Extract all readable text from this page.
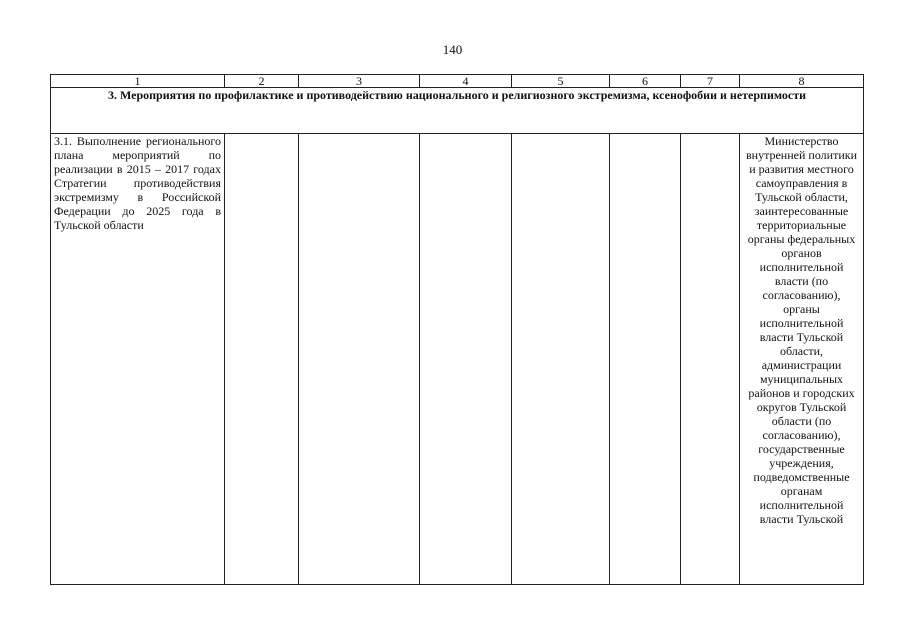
140
1	2	3	4	5	6	7	8
3. Мероприятия по профилактике и противодействию национального и религиозного экстремизма, ксенофобии и нетерпимости							
3.1. Выполнение регионального плана мероприятий по реализации в 2015 – 2017 годах Стратегии противодействия экстремизму в Российской Федерации до 2025 года в Тульской области							Министерство внутренней политики и развития местного самоуправления в Тульской области, заинтересованные территориальные органы федеральных органов исполнительной власти (по согласованию), органы исполнительной власти Тульской области, администрации муниципальных районов и городских округов Тульской области (по согласованию), государственные учреждения, подведомственные органам исполнительной власти Тульской
